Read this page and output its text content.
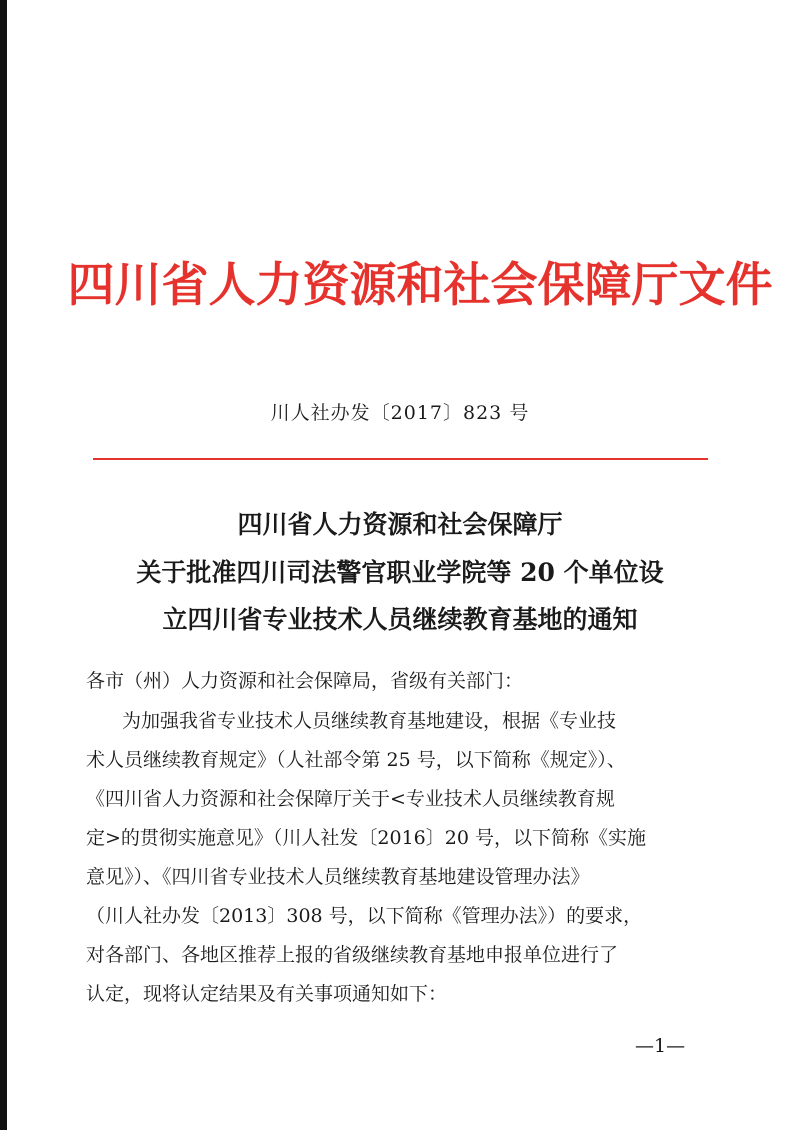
四川省人力资源和社会保障厅文件
川人社办发〔2017〕823 号
四川省人力资源和社会保障厅
关于批准四川司法警官职业学院等 20 个单位设
立四川省专业技术人员继续教育基地的通知
各市（州）人力资源和社会保障局，省级有关部门：
为加强我省专业技术人员继续教育基地建设，根据《专业技
术人员继续教育规定》（人社部令第 25 号，以下简称《规定》）、
《四川省人力资源和社会保障厅关于<专业技术人员继续教育规
定>的贯彻实施意见》（川人社发〔2016〕20 号，以下简称《实施
意见》）、《四川省专业技术人员继续教育基地建设管理办法》
（川人社办发〔2013〕308 号，以下简称《管理办法》）的要求，
对各部门、各地区推荐上报的省级继续教育基地申报单位进行了
认定，现将认定结果及有关事项通知如下：
—1—
